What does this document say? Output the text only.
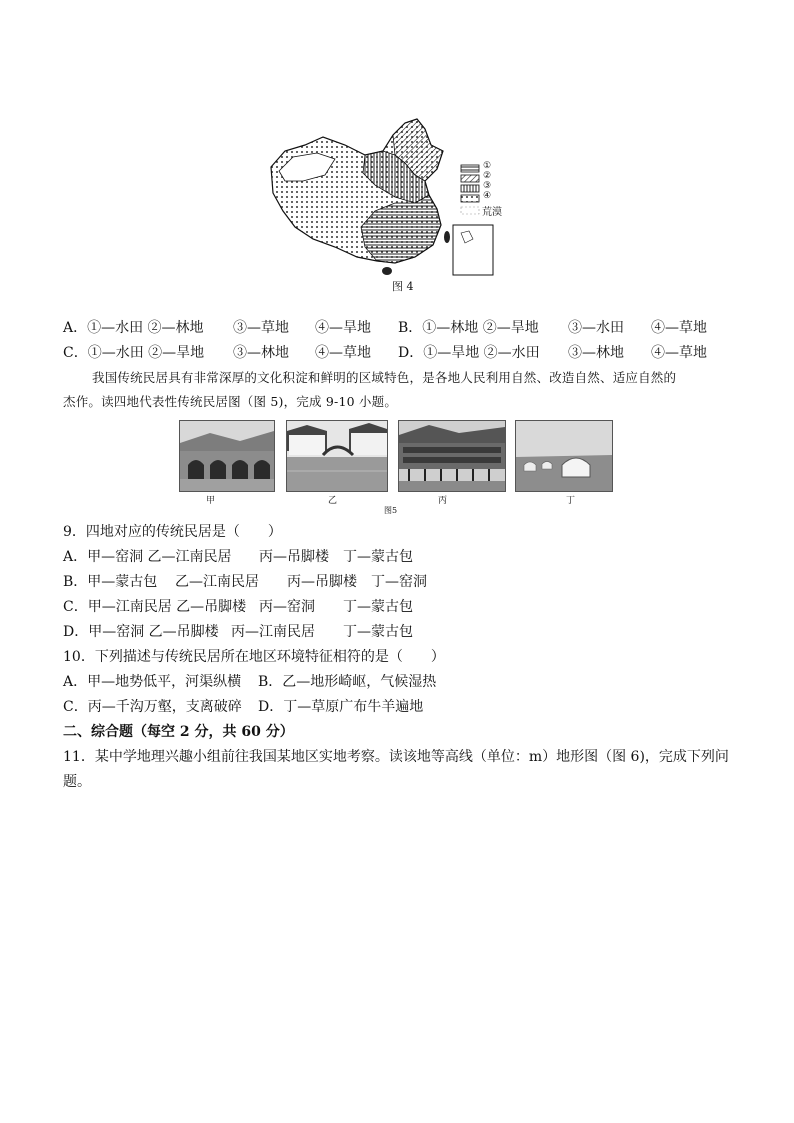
①
②
③
④
荒漠
图 4
A．①—水田 ②—林地 ③—草地 ④—旱地 B．①—林地 ②—旱地 ③—水田 ④—草地
C．①—水田 ②—旱地 ③—林地 ④—草地 D．①—旱地 ②—水田 ③—林地 ④—草地
我国传统民居具有非常深厚的文化积淀和鲜明的区域特色，是各地人民利用自然、改造自然、适应自然的
杰作。读四地代表性传统民居图（图 5)，完成 9-10 小题。
甲	乙	丙	丁
图5
9．四地对应的传统民居是（　　）
A．甲—窑洞 乙—江南民居 丙—吊脚楼 丁—蒙古包
B．甲—蒙古包 乙—江南民居 丙—吊脚楼 丁—窑洞
C．甲—江南民居 乙—吊脚楼 丙—窑洞 丁—蒙古包
D．甲—窑洞 乙—吊脚楼 丙—江南民居 丁—蒙古包
10．下列描述与传统民居所在地区环境特征相符的是（　　）
A．甲—地势低平，河渠纵横 B．乙—地形崎岖，气候湿热
C．丙—千沟万壑，支离破碎 D．丁—草原广布牛羊遍地
二、综合题（每空 2 分，共 60 分）
11．某中学地理兴趣小组前往我国某地区实地考察。读该地等高线（单位：m）地形图（图 6)，完成下列问
题。
